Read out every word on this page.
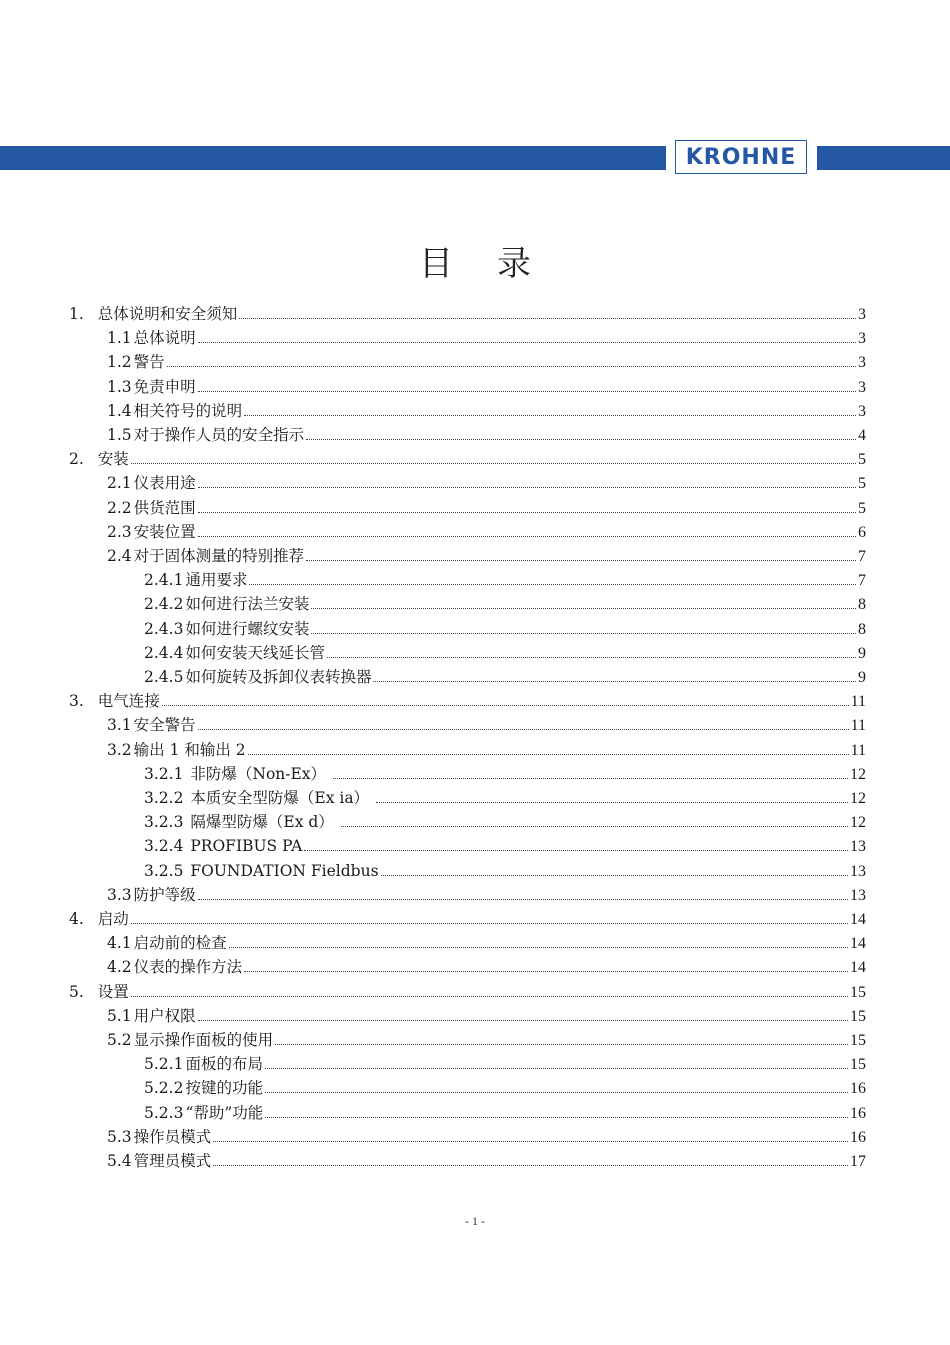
KROHNE
目录
1. 总体说明和安全须知	3
1.1 总体说明	3
1.2 警告	3
1.3 免责申明	3
1.4 相关符号的说明	3
1.5 对于操作人员的安全指示	4
2. 安装	5
2.1 仪表用途	5
2.2 供货范围	5
2.3 安装位置	6
2.4 对于固体测量的特别推荐	7
2.4.1 通用要求	7
2.4.2 如何进行法兰安装	8
2.4.3 如何进行螺纹安装	8
2.4.4 如何安装天线延长管	9
2.4.5 如何旋转及拆卸仪表转换器	9
3. 电气连接	11
3.1 安全警告	11
3.2 输出 1 和输出 2	11
3.2.1 非防爆（Non-Ex）	12
3.2.2 本质安全型防爆（Ex ia）	12
3.2.3 隔爆型防爆（Ex d）	12
3.2.4 PROFIBUS PA	13
3.2.5 FOUNDATION Fieldbus	13
3.3 防护等级	13
4. 启动	14
4.1 启动前的检查	14
4.2 仪表的操作方法	14
5. 设置	15
5.1 用户权限	15
5.2 显示操作面板的使用	15
5.2.1 面板的布局	15
5.2.2 按键的功能	16
5.2.3 “帮助”功能	16
5.3 操作员模式	16
5.4 管理员模式	17
- 1 -
